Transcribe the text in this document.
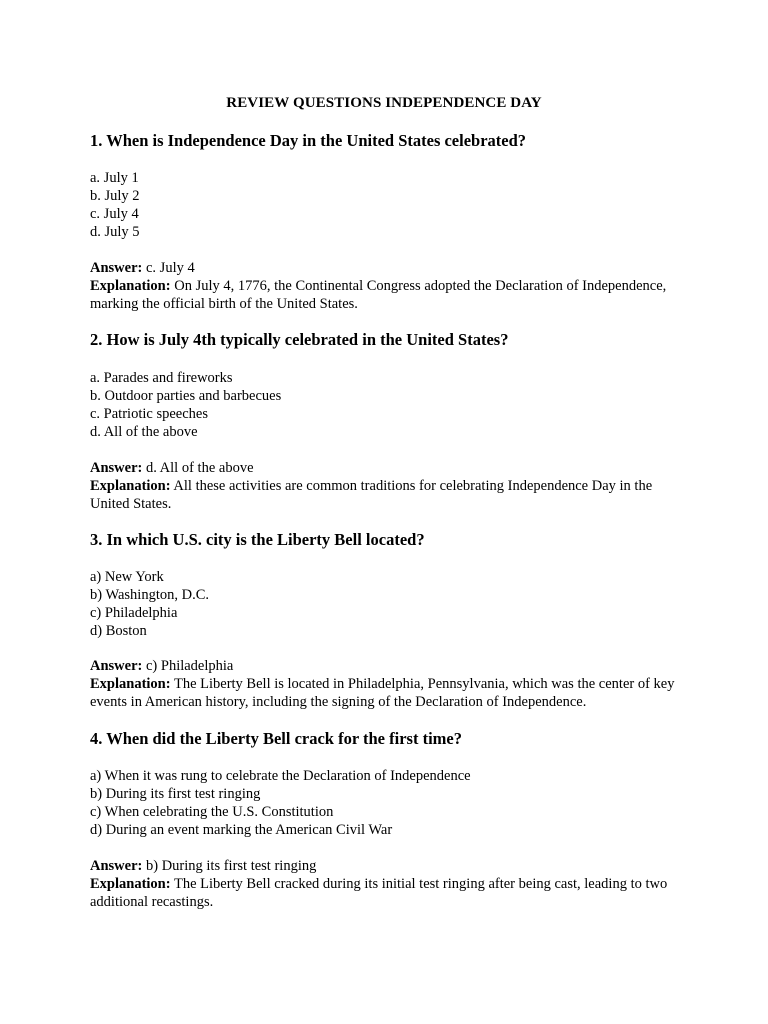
REVIEW QUESTIONS INDEPENDENCE DAY
1. When is Independence Day in the United States celebrated?
a. July 1
b. July 2
c. July 4
d. July 5

Answer: c. July 4

Explanation: On July 4, 1776, the Continental Congress adopted the Declaration of Independence, marking the official birth of the United States.

2. How is July 4th typically celebrated in the United States?
a. Parades and fireworks
b. Outdoor parties and barbecues
c. Patriotic speeches
d. All of the above

Answer: d. All of the above

Explanation: All these activities are common traditions for celebrating Independence Day in the United States.

3. In which U.S. city is the Liberty Bell located?
a) New York
b) Washington, D.C.
c) Philadelphia
d) Boston

Answer: c) Philadelphia

Explanation: The Liberty Bell is located in Philadelphia, Pennsylvania, which was the center of key events in American history, including the signing of the Declaration of Independence.

4. When did the Liberty Bell crack for the first time?
a) When it was rung to celebrate the Declaration of Independence
b) During its first test ringing
c) When celebrating the U.S. Constitution
d) During an event marking the American Civil War

Answer: b) During its first test ringing

Explanation: The Liberty Bell cracked during its initial test ringing after being cast, leading to two additional recastings.
